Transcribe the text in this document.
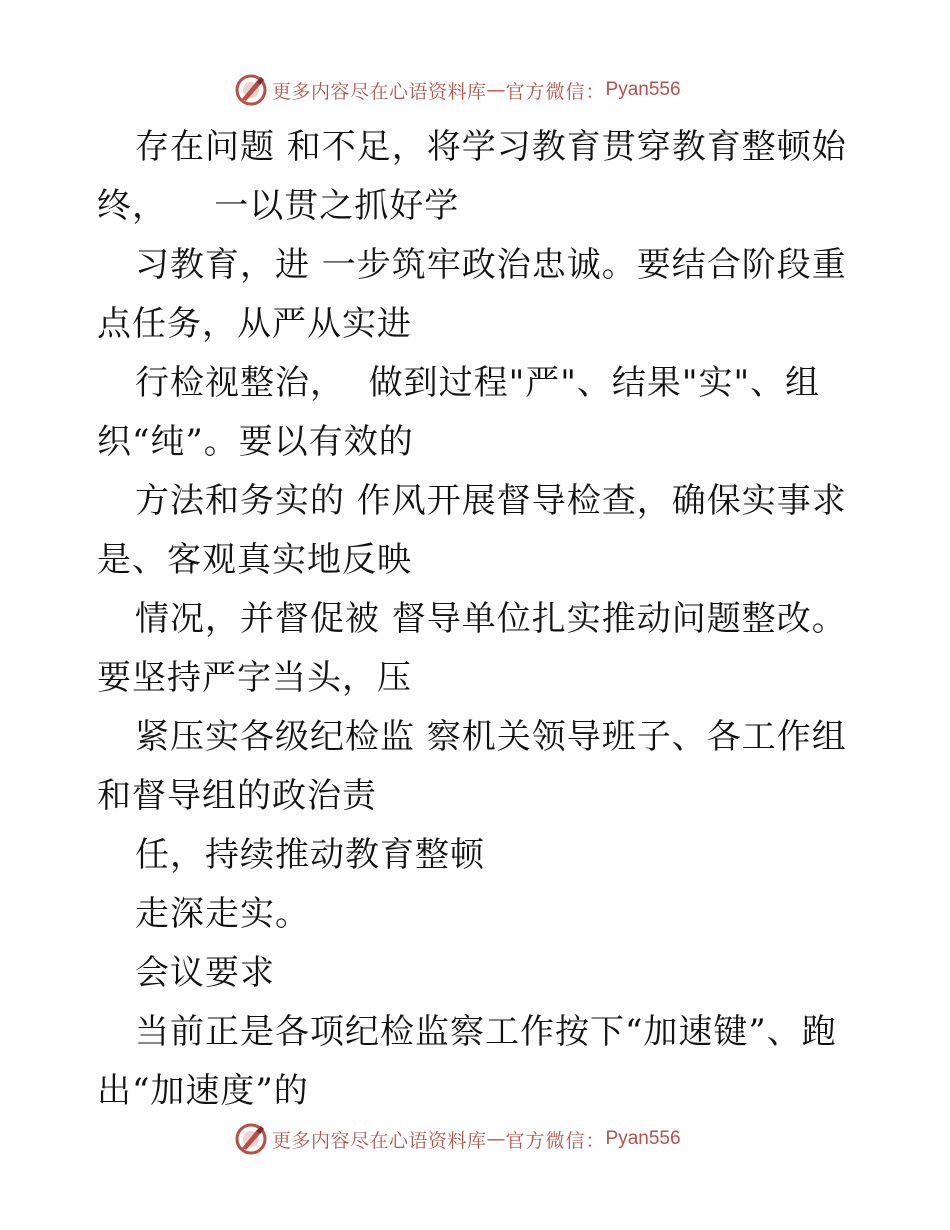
更多内容尽在心语资料库 — 官方微信： Pyan556
存在问题 和不足，将学习教育贯穿教育整顿始
终，    一以贯之抓好学
习教育，进 一步筑牢政治忠诚。要结合阶段重
点任务，从严从实进
行检视整治，  做到过程"严"、结果"实"、组
织“纯”。要以有效的
方法和务实的 作风开展督导检查，确保实事求
是、客观真实地反映
情况，并督促被 督导单位扎实推动问题整改。
要坚持严字当头，压
紧压实各级纪检监 察机关领导班子、各工作组
和督导组的政治责
任，持续推动教育整顿
走深走实。
会议要求
当前正是各项纪检监察工作按下“加速键”、跑
出“加速度”的
更多内容尽在心语资料库 — 官方微信： Pyan556
